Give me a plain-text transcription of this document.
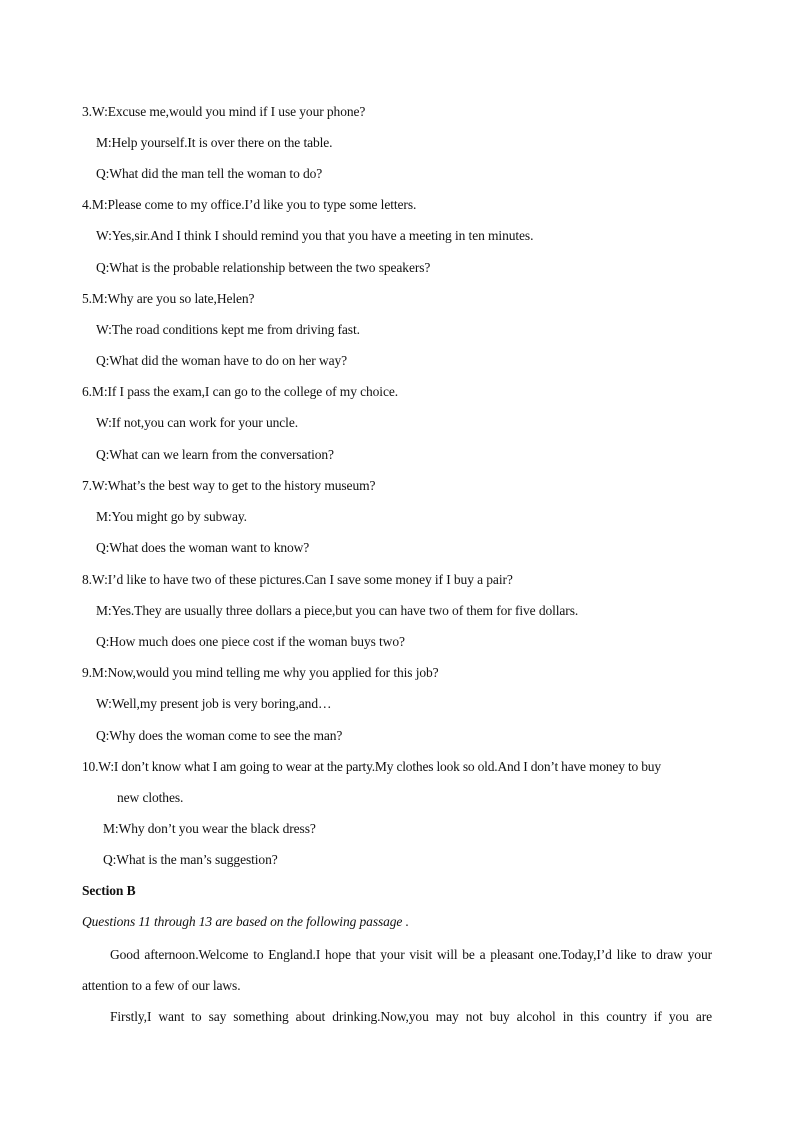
3.W:Excuse me,would you mind if I use your phone?
M:Help yourself.It is over there on the table.
Q:What did the man tell the woman to do?
4.M:Please come to my office.I’d like you to type some letters.
W:Yes,sir.And I think I should remind you that you have a meeting in ten minutes.
Q:What is the probable relationship between the two speakers?
5.M:Why are you so late,Helen?
W:The road conditions kept me from driving fast.
Q:What did the woman have to do on her way?
6.M:If I pass the exam,I can go to the college of my choice.
W:If not,you can work for your uncle.
Q:What can we learn from the conversation?
7.W:What’s the best way to get to the history museum?
M:You might go by subway.
Q:What does the woman want to know?
8.W:I’d like to have two of these pictures.Can I save some money if I buy a pair?
M:Yes.They are usually three dollars a piece,but you can have two of them for five dollars.
Q:How much does one piece cost if the woman buys two?
9.M:Now,would you mind telling me why you applied for this job?
W:Well,my present job is very boring,and…
Q:Why does the woman come to see the man?
10.W:I don’t know what I am going to wear at the party.My clothes look so old.And I don’t have money to buy
new clothes.
M:Why don’t you wear the black dress?
Q:What is the man’s suggestion?
Section B
Questions 11 through 13 are based on the following passage .
Good afternoon.Welcome to England.I hope that your visit will be a pleasant one.Today,I’d like to draw your attention to a few of our laws.
Firstly,I want to say something about drinking.Now,you may not buy alcohol in this country if you are
